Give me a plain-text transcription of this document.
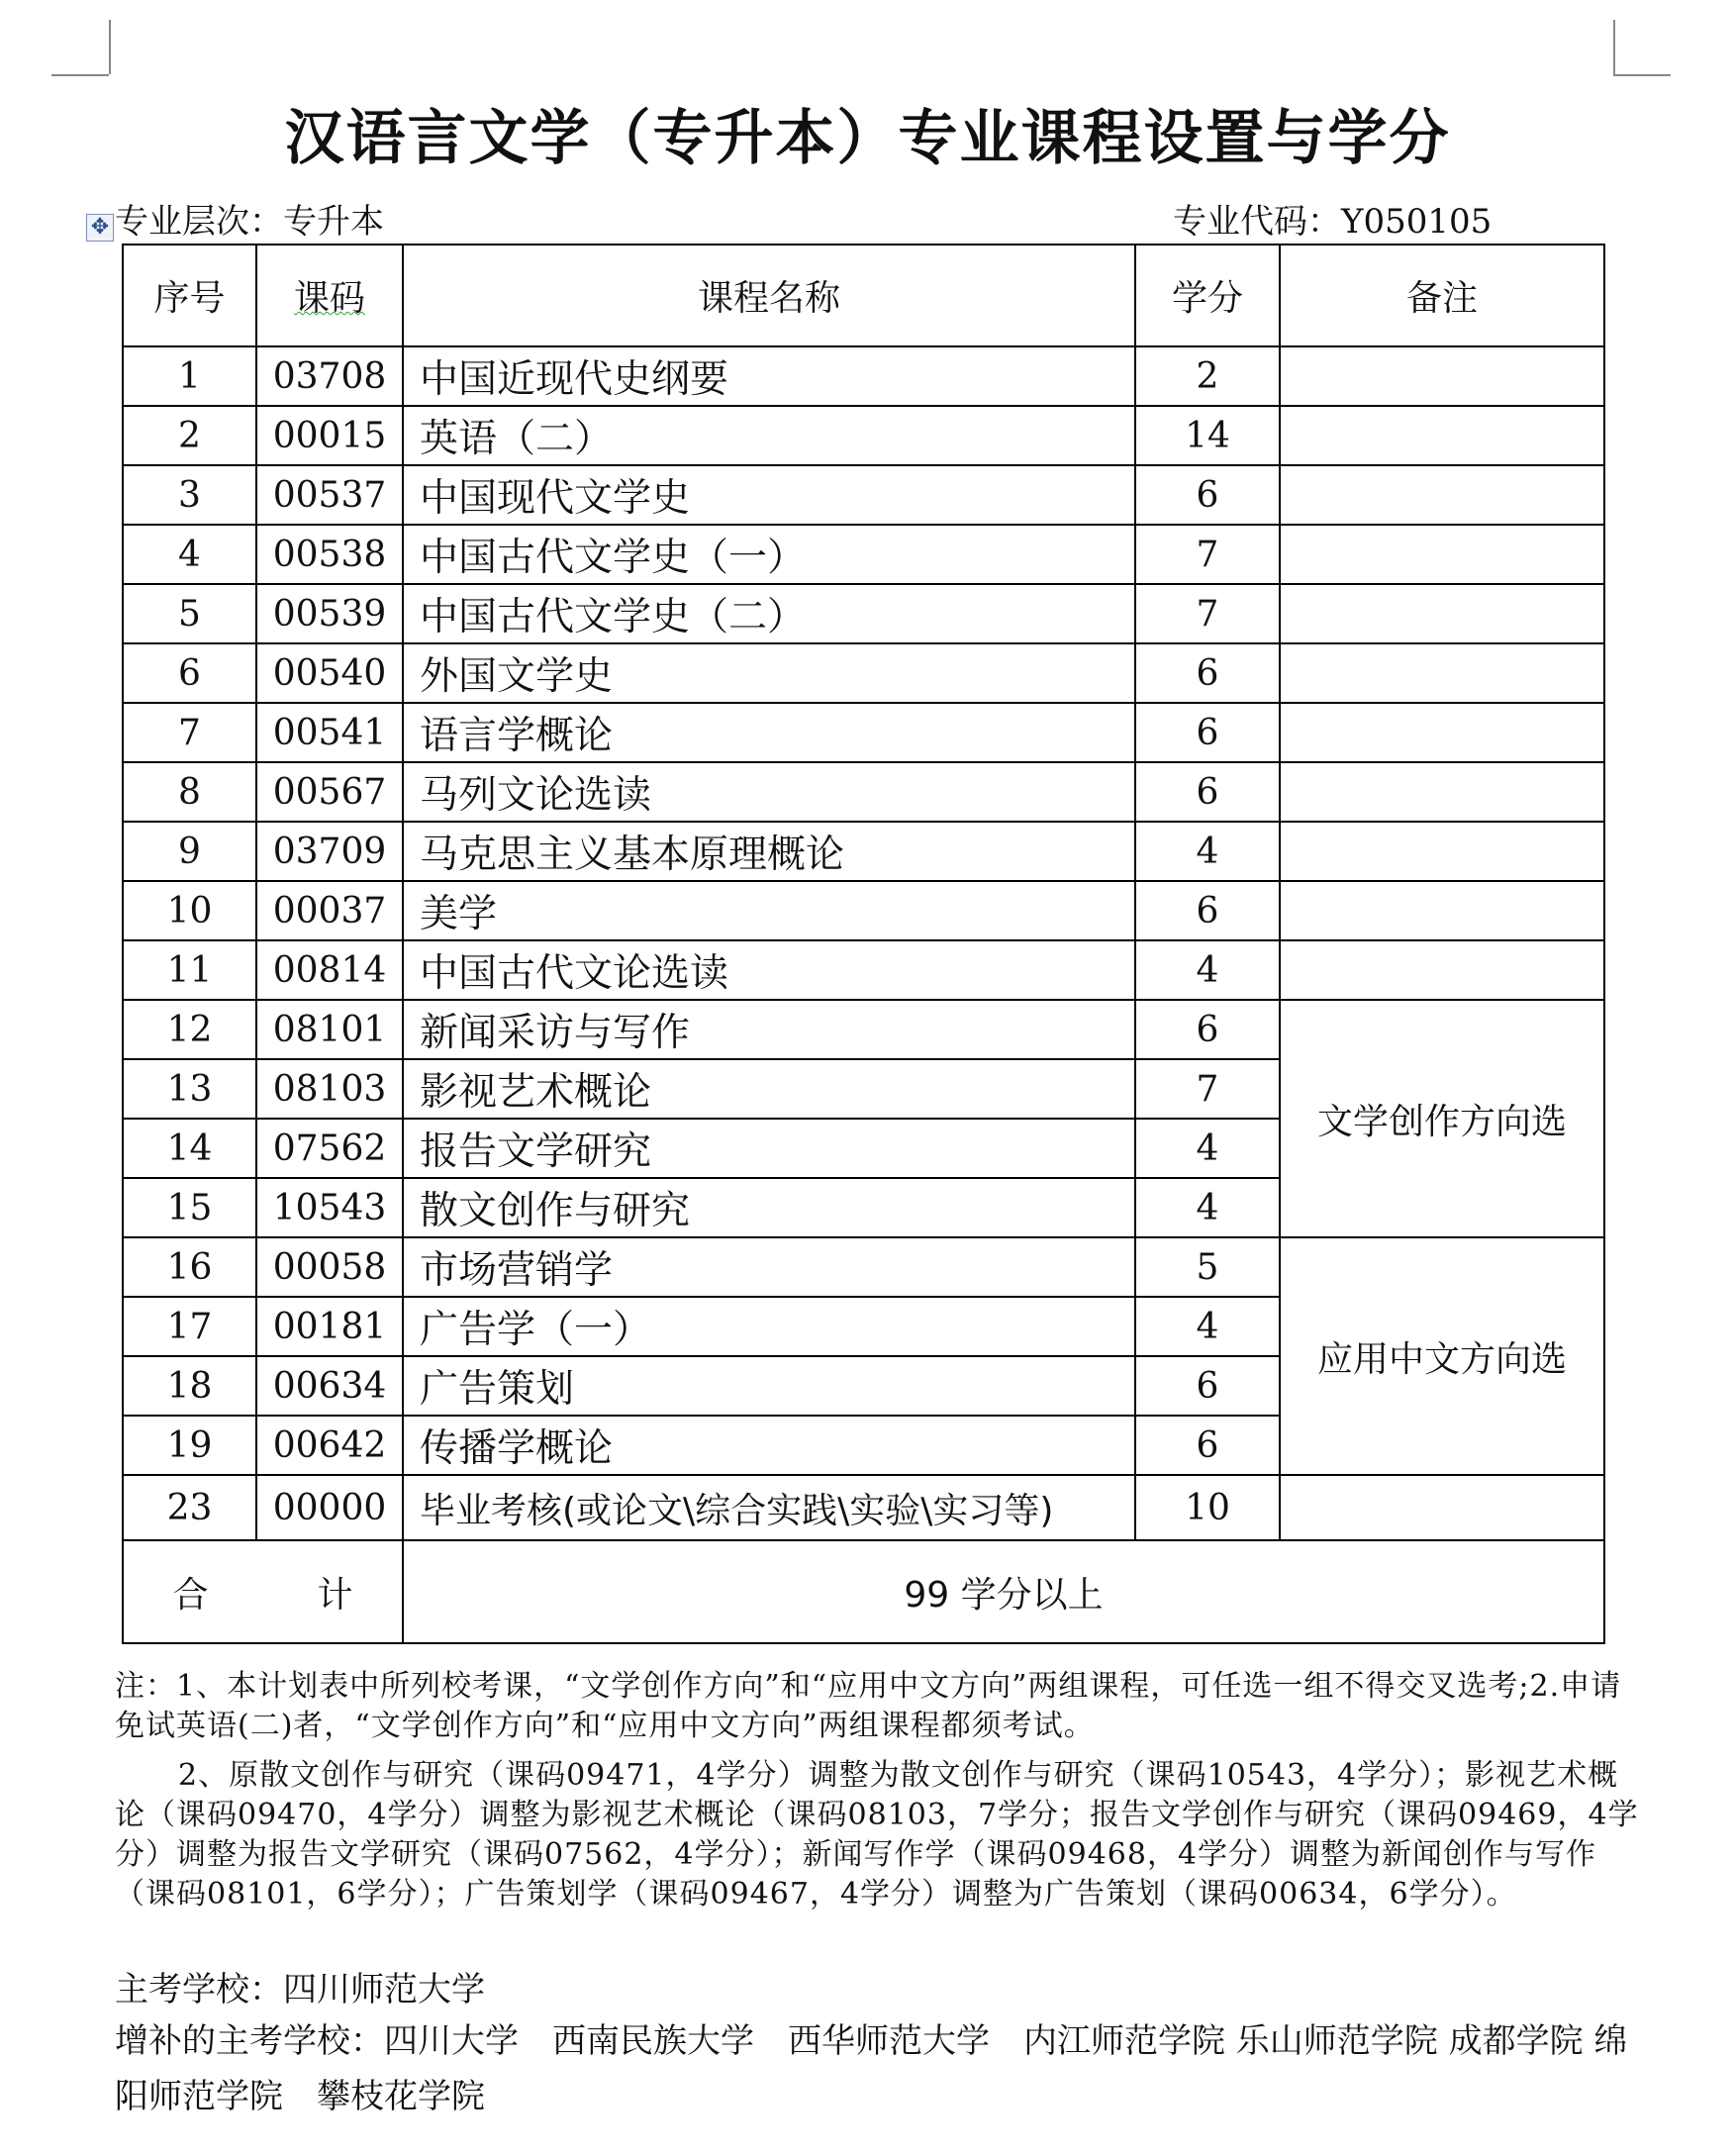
汉语言文学（专升本）专业课程设置与学分
✥ 专业层次：专升本	专业代码：Y050105
序号	课码	课程名称	学分	备注
1	03708	中国近现代史纲要	2	
2	00015	英语（二）	14	
3	00537	中国现代文学史	6	
4	00538	中国古代文学史（一）	7	
5	00539	中国古代文学史（二）	7	
6	00540	外国文学史	6	
7	00541	语言学概论	6	
8	00567	马列文论选读	6	
9	03709	马克思主义基本原理概论	4	
10	00037	美学	6	
11	00814	中国古代文论选读	4	
12	08101	新闻采访与写作	6	文学创作方向选
13	08103	影视艺术概论	7	
14	07562	报告文学研究	4	
15	10543	散文创作与研究	4	
16	00058	市场营销学	5	应用中文方向选
17	00181	广告学（一）	4	
18	00634	广告策划	6	
19	00642	传播学概论	6	
23	00000	毕业考核(或论文\综合实践\实验\实习等)	10	
合 计		99 学分以上		

注：1、本计划表中所列校考课，“文学创作方向”和“应用中文方向”两组课程，可任选一组不得交叉选考;2.申请免试英语(二)者，“文学创作方向”和“应用中文方向”两组课程都须考试。

2、原散文创作与研究（课码09471，4学分）调整为散文创作与研究（课码10543，4学分）；影视艺术概论（课码09470，4学分）调整为影视艺术概论（课码08103，7学分；报告文学创作与研究（课码09469，4学分）调整为报告文学研究（课码07562，4学分）；新闻写作学（课码09468，4学分）调整为新闻创作与写作（课码08101，6学分）；广告策划学（课码09467，4学分）调整为广告策划（课码00634，6学分）。

主考学校：四川师范大学
增补的主考学校：四川大学　西南民族大学　西华师范大学　内江师范学院 乐山师范学院 成都学院 绵阳师范学院　攀枝花学院
